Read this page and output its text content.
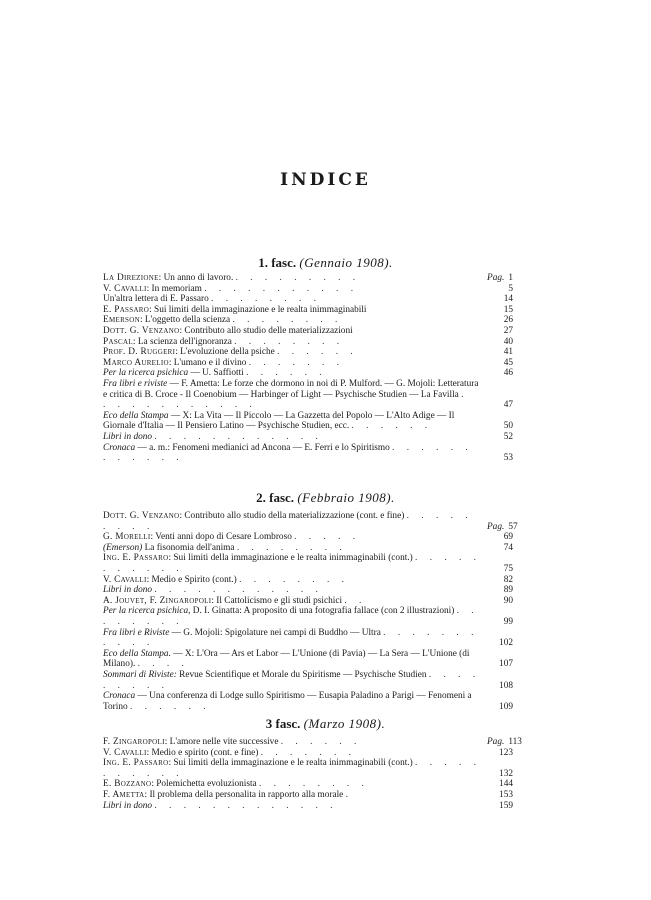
INDICE
1. fasc. (Gennaio 1908).
La Direzione: Un anno di lavoro. . . . . . . . . .	Pag. 1
V. Cavalli: In memoriam . . . . . . . . . . .	5
Un'altra lettera di E. Passaro . . . . . . . .	14
E. Passaro: Sui limiti della immaginazione e le realta inimmaginabili	15
Emerson: L'oggetto della scienza . . . . . . . .	26
Dott. G. Venzano: Contributo allo studio delle materializzazioni	27
Pascal: La scienza dell'ignoranza . . . . . . . .	40
Prof. D. Ruggeri: L'evoluzione della psiche . . . . . .	41
Marco Aurelio: L'umano e il divino . . . . . . .	45
Per la ricerca psichica — U. Saffiotti . . . . . .	46
Fra libri e riviste — F. Ametta: Le forze che dormono in noi di P. Mulford. — G. Mojoli: Letteratura e critica di B. Croce - Il Coenobium — Harbinger of Light — Psychische Studien — La Favilla . . . . . . . . . . . .	47
Eco della Stampa — X: La Vita — Il Piccolo — La Gazzetta del Popolo — L'Alto Adige — Il Giornale d'Italia — Il Pensiero Latino — Psychische Studien, ecc. . . . . . .	50
Libri in dono . . . . . . . . . . . .	52
Cronaca — a. m.: Fenomeni medianici ad Ancona — E. Ferri e lo Spiritismo . . . . . . . . . . . .	53
2. fasc. (Febbraio 1908).
Dott. G. Venzano: Contributo allo studio della materializzazione (cont. e fine) . . . . . . . . .	Pag. 57
G. Morelli: Venti anni dopo di Cesare Lombroso . . . . .	69
(Emerson) La fisonomia dell'anima . . . . . . . .	74
Ing. E. Passaro: Sui limiti della immaginazione e le realta inimmaginabili (cont.) . . . . . . . . . . .	75
V. Cavalli: Medio e Spirito (cont.) . . . . . . . .	82
Libri in dono . . . . . . . . . . . .	89
A. Jouvet, F. Zingaropoli: Il Cattolicismo e gli studi psichici . .	90
Per la ricerca psichica, D. I. Ginatta: A proposito di una fotografia fallace (con 2 illustrazioni) . . . . . . . .	99
Fra libri e Riviste — G. Mojoli: Spigolature nei campi di Buddho — Ultra . . . . . . . . . . .	102
Eco della Stampa. — X: L'Ora — Ars et Labor — L'Unione (di Pavia) — La Sera — L'Unione (di Milano). . . . .	107
Sommari di Riviste: Revue Scientifique et Morale du Spiritisme — Psychische Studien . . . . . . . . .	108
Cronaca — Una conferenza di Lodge sullo Spiritismo — Eusapia Paladino a Parigi — Fenomeni a Torino . . . . . .	109
3 fasc. (Marzo 1908).
F. Zingaropoli: L'amore nelle vite successive . . . . . .	Pag. 113
V. Cavalli: Medio e spirito (cont. e fine) . . . . . . .	123
Ing. E. Passaro: Sui limiti della immaginazione e le realta inimmaginabili (cont.) . . . . . . . . . . .	132
E. Bozzano: Polemichetta evoluzionista . . . . . . . .	144
F. Ametta: Il problema della personalita in rapporto alla morale .	153
Libri in dono . . . . . . . . . . . . .	159
